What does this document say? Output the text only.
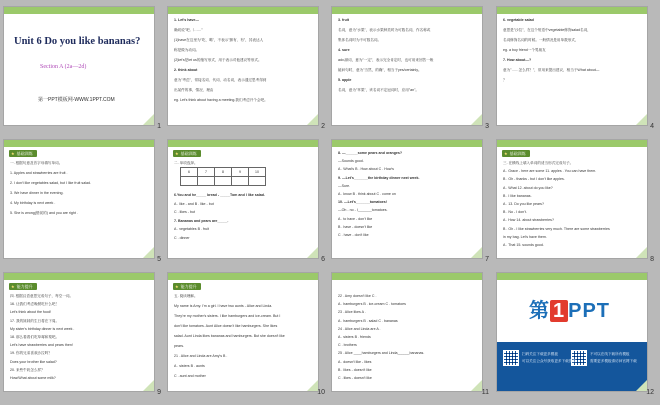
Unit 6 Do you like bananas?
Section A (2a—2d)
第一PPT模板网-WWW.1PPT.COM
1
1. Let's have—
确切说"吧,（……"
(1)have在这里为"吃、喝"，不表示"拥有、有"，其表达人
称是做为动词。
(2)let's是let us的缩写形式，用于表示对他建议等形式。
2. think about
意为"考虑"，常接名词、代词、动名词，表示通过思考得到
出某件的事，情况、理由
eg. Let's think about having a meeting.我们考虑开个会吧。
2
3. fruit
名词，意为"水果"，表示水果种类时为可数名词，作名称或
集体名词时为不可数名词。
4. sure
adv.副词，意为"一定"，表示完全肯定时，也可用来回答一般
疑问句时，意为"当然，的确"，相当于yes/certainly。
5. apple
名词，意为"苹果"，该名词不定冠词时，应用"an"。
3
6. vegetable salad
意思是"沙拉"，在这个短语中vegetable修饰salad名词，
名词修饰名词的时候。一般情况是用单数形式，
eg. a boy friend一个男朋友
7. How about—?
意为"……怎么样？"，常用来提出建议，相当于What about—
？
4
★ 基础训练
一. 根据句意及首字母填写单词。
1. Apples and strawberries are fruit .
2. I don't like vegetables salad, but I like fruit salad.
3. We have dinner in the evening.
4. My birthday is next week .
5. She is wrong(错误的) and you are right .
5
★ 基础训练
二. 单项选择。
6	7	8	9	10

6.You and he_____ bread - _____Tom and I like salad.
A . like - and B . like - but
C . likes - but
7. Bananas and pears are_____.
A . vegetables B . fruit
C . dinner
6
8. —______some pears and oranges?
—Sounds good.
A . What's B . How about C . How's
9. —Let's_______the birthday dinner next week.
—Sure.
A . know B . think about C . come on
10. —Let's_______tomatoes!
—Oh - no - I_______tomatoes.
A . to have - don't like
B . have - doesn't like
C . have - don't like
7
★ 基础训练
三. 在横线上填入单词的适当形式完成句子。
A . Grace - here are some 11. apples . You can have them.
B . Oh - thanks - but I don't like apples.
A . What 12. about do you like?
B . I like bananas.
A . 13. Do you like pears?
B . No - I don't.
A . How 14. about strawberries?
B . Oh - I like strawberries very much. There are some strawberries
in my bag. Let's have them.
A . That 15. sounds good.
8
★ 能力提升
四. 根据汉语意思完成句子，每空一词。
16. 让我们考虑晚餐吃什么吧！
Let's think about the food!
17. 我的妹妹的生日将在下周。
My sister's birthday dinner is next week .
18. 那么看看们吃草莓和梨吧。
Let's have strawberries and pears then!
19. 你的兄弟喜欢沙拉吗？
Does your brother like salad?
20. 来些牛奶怎么样？
How/What about some milk?
9
★ 能力提升
五. 阅读理解。
My name is Amy. I'm a girl. I have two aunts - Alice and Linda.
They're my mother's sisters. I like hamburgers and ice-cream. But I
don't like tomatoes. Aunt Alice doesn't like hamburgers. She likes
salad. Aunt Linda likes bananas and hamburgers. But she doesn't like
pears.
21 . Alice and Linda are Amy's B .
A . sisters B . aunts
C . aunt and mother
10
22 . Amy doesn't like C .
A . hamburgers B . ice-cream C . tomatoes
23 . Alice likes A .
A . hamburgers B . salad C . bananas
24 . Alice and Linda are A .
A . sisters B . friends
C . brothers
25 . Alice ____hamburgers and Linda______bananas.
A . doesn't like - likes
B . likes - doesn't like
C . likes - doesn't like
11
第 1 PPT
扫码关注下载更多模板
可以关注公众号获取更多下载资源
不可以在线下载所有模板
需要更多模板请访问官网下载
12
